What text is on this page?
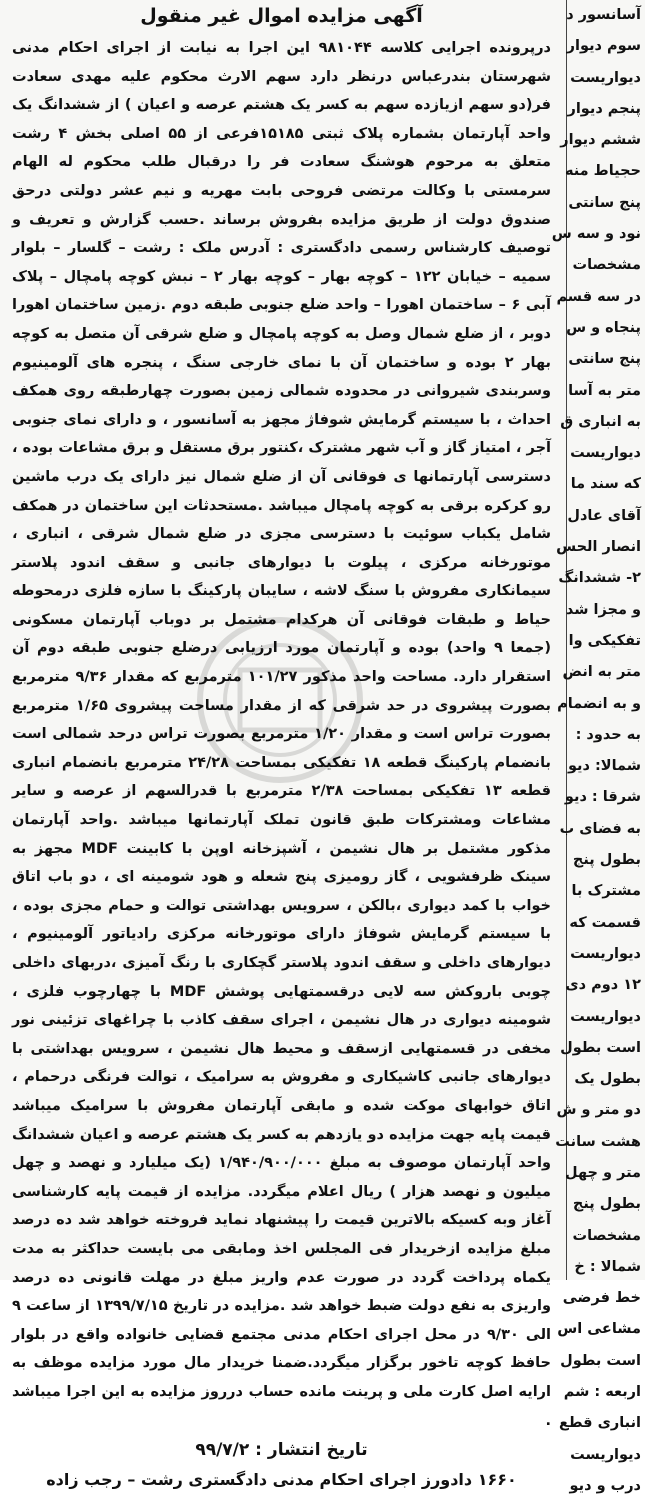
آگهی مزایده اموال غیر منقول
درپرونده اجرایی کلاسه ۹۸۱۰۴۴ این اجرا به نیابت از اجرای احکام مدنی شهرستان بندرعباس درنظر دارد سهم الارث محکوم علیه مهدی سعادت فر(دو سهم ازیازده سهم به کسر یک هشتم عرصه و اعیان ) از ششدانگ یک واحد آپارتمان بشماره پلاک ثبتی ۱۵۱۸۵فرعی از ۵۵ اصلی بخش ۴ رشت متعلق به مرحوم هوشنگ سعادت فر را درقبال طلب محکوم له الهام سرمستی با وکالت مرتضی فروحی بابت مهریه و نیم عشر دولتی درحق صندوق دولت از طریق مزایده بفروش برساند .حسب گزارش و تعریف و توصیف کارشناس رسمی دادگستری : آدرس ملک : رشت – گلسار – بلوار سمیه – خیابان ۱۲۲ – کوچه بهار – کوچه بهار ۲ – نبش کوچه پامچال – پلاک آبی ۶ – ساختمان اهورا – واحد ضلع جنوبی طبقه دوم .زمین ساختمان اهورا دوبر ، از ضلع شمال وصل به کوچه پامچال و ضلع شرقی آن متصل به کوچه بهار ۲ بوده و ساختمان آن با نمای خارجی سنگ ، پنجره های آلومینیوم وسربندی شیروانی در محدوده شمالی زمین بصورت چهارطبقه روی همکف احداث ، با سیستم گرمایش شوفاژ مجهز به آسانسور ، و دارای نمای جنوبی آجر ، امتیاز گاز و آب شهر مشترک ،کنتور برق مستقل و برق مشاعات بوده ، دسترسی آپارتمانها ی فوقانی آن از ضلع شمال نیز دارای یک درب ماشین رو کرکره برقی به کوچه پامچال میباشد .مستحدثات این ساختمان در همکف شامل یکباب سوئیت با دسترسی مجزی در ضلع شمال شرقی ، انباری ، موتورخانه مرکزی ، پیلوت با دیوارهای جانبی و سقف اندود پلاستر سیمانکاری مفروش با سنگ لاشه ، سایبان پارکینگ با سازه فلزی درمحوطه حیاط و طبقات فوقانی آن هرکدام مشتمل بر دوباب آپارتمان مسکونی (جمعا ۹ واحد) بوده و آپارتمان مورد ارزیابی درضلع جنوبی طبقه دوم آن استقرار دارد. مساحت واحد مذکور ۱۰۱/۲۷ مترمربع که مقدار ۹/۳۶ مترمربع بصورت پیشروی در حد شرقی که از مقدار مساحت پیشروی ۱/۶۵ مترمربع بصورت تراس است و مقدار ۱/۲۰ مترمربع بصورت تراس درحد شمالی است بانضمام پارکینگ قطعه ۱۸ تفکیکی بمساحت ۲۴/۲۸ مترمربع بانضمام انباری قطعه ۱۳ تفکیکی بمساحت ۲/۳۸ مترمربع با قدرالسهم از عرصه و سایر مشاعات ومشترکات طبق قانون تملک آپارتمانها میباشد .واحد آپارتمان مذکور مشتمل بر هال نشیمن ، آشپزخانه اوپن با کابینت MDF مجهز به سینک ظرفشویی ، گاز رومیزی پنج شعله و هود شومینه ای ، دو باب اتاق خواب با کمد دیواری ،بالکن ، سرویس بهداشتی توالت و حمام مجزی بوده ، با سیستم گرمایش شوفاژ دارای موتورخانه مرکزی رادیاتور آلومینیوم ، دیوارهای داخلی و سقف اندود پلاستر گچکاری با رنگ آمیزی ،دربهای داخلی چوبی باروکش سه لایی درقسمتهایی پوشش MDF با چهارچوب فلزی ، شومینه دیواری در هال نشیمن ، اجرای سقف کاذب با چراغهای تزئینی نور مخفی در قسمتهایی ازسقف و محیط هال نشیمن ، سرویس بهداشتی با دیوارهای جانبی کاشیکاری و مفروش به سرامیک ، توالت فرنگی درحمام ، اتاق خوابهای موکت شده و مابقی آپارتمان مفروش با سرامیک میباشد قیمت پایه جهت مزایده دو یازدهم به کسر یک هشتم عرصه و اعیان ششدانگ واحد آپارتمان موصوف به مبلغ ۱/۹۴۰/۹۰۰/۰۰۰ (یک میلیارد و نهصد و چهل میلیون و نهصد هزار ) ریال اعلام میگردد. مزایده از قیمت پایه کارشناسی آغاز وبه کسیکه بالاترین قیمت را پیشنهاد نماید فروخته خواهد شد ده درصد مبلغ مزایده ازخریدار فی المجلس اخذ ومابقی می بایست حداکثر به مدت یکماه پرداخت گردد در صورت عدم واریز مبلغ در مهلت قانونی ده درصد واریزی به نفع دولت ضبط خواهد شد .مزایده در تاریخ ۱۳۹۹/۷/۱۵ از ساعت ۹ الی ۹/۳۰ در محل اجرای احکام مدنی مجتمع قضایی خانواده واقع در بلوار حافظ کوچه تاخور برگزار میگردد.ضمنا خریدار مال مورد مزایده موظف به ارایه اصل کارت ملی و پرینت مانده حساب درروز مزایده به این اجرا میباشد .
تاریخ انتشار : ۹۹/۷/۲
۱۶۶۰ دادورز اجرای احکام مدنی دادگستری رشت – رجب زاده
آسانسور د
سوم دیوار
دیواریست
پنجم دیوار
ششم دیوار
حجیاط منه
پنج سانتی
نود و سه س
مشخصات
در سه قسم
پنجاه و س
پنج سانتی
متر به آسا
به انباری ق
دیواریست
که سند ما
آقای عادل
انصار الحس
۲- ششدانگ
و مجزا شد
تفکیکی وا
متر به انض
و به انضمام
به حدود :
شمالا: دیو
شرقا : دیو
به فضای ب
بطول پنج
مشترک با
قسمت که
دیواریست
۱۲ دوم دی
دیواریست
است بطول
بطول یک
دو متر و ش
هشت سانت
متر و چهل
بطول پنج
مشخصات
شمالا : خ
خط فرضی
مشاعی اس
است بطول
اربعه : شم
انباری قطع
دیواریست
درب و دیو
